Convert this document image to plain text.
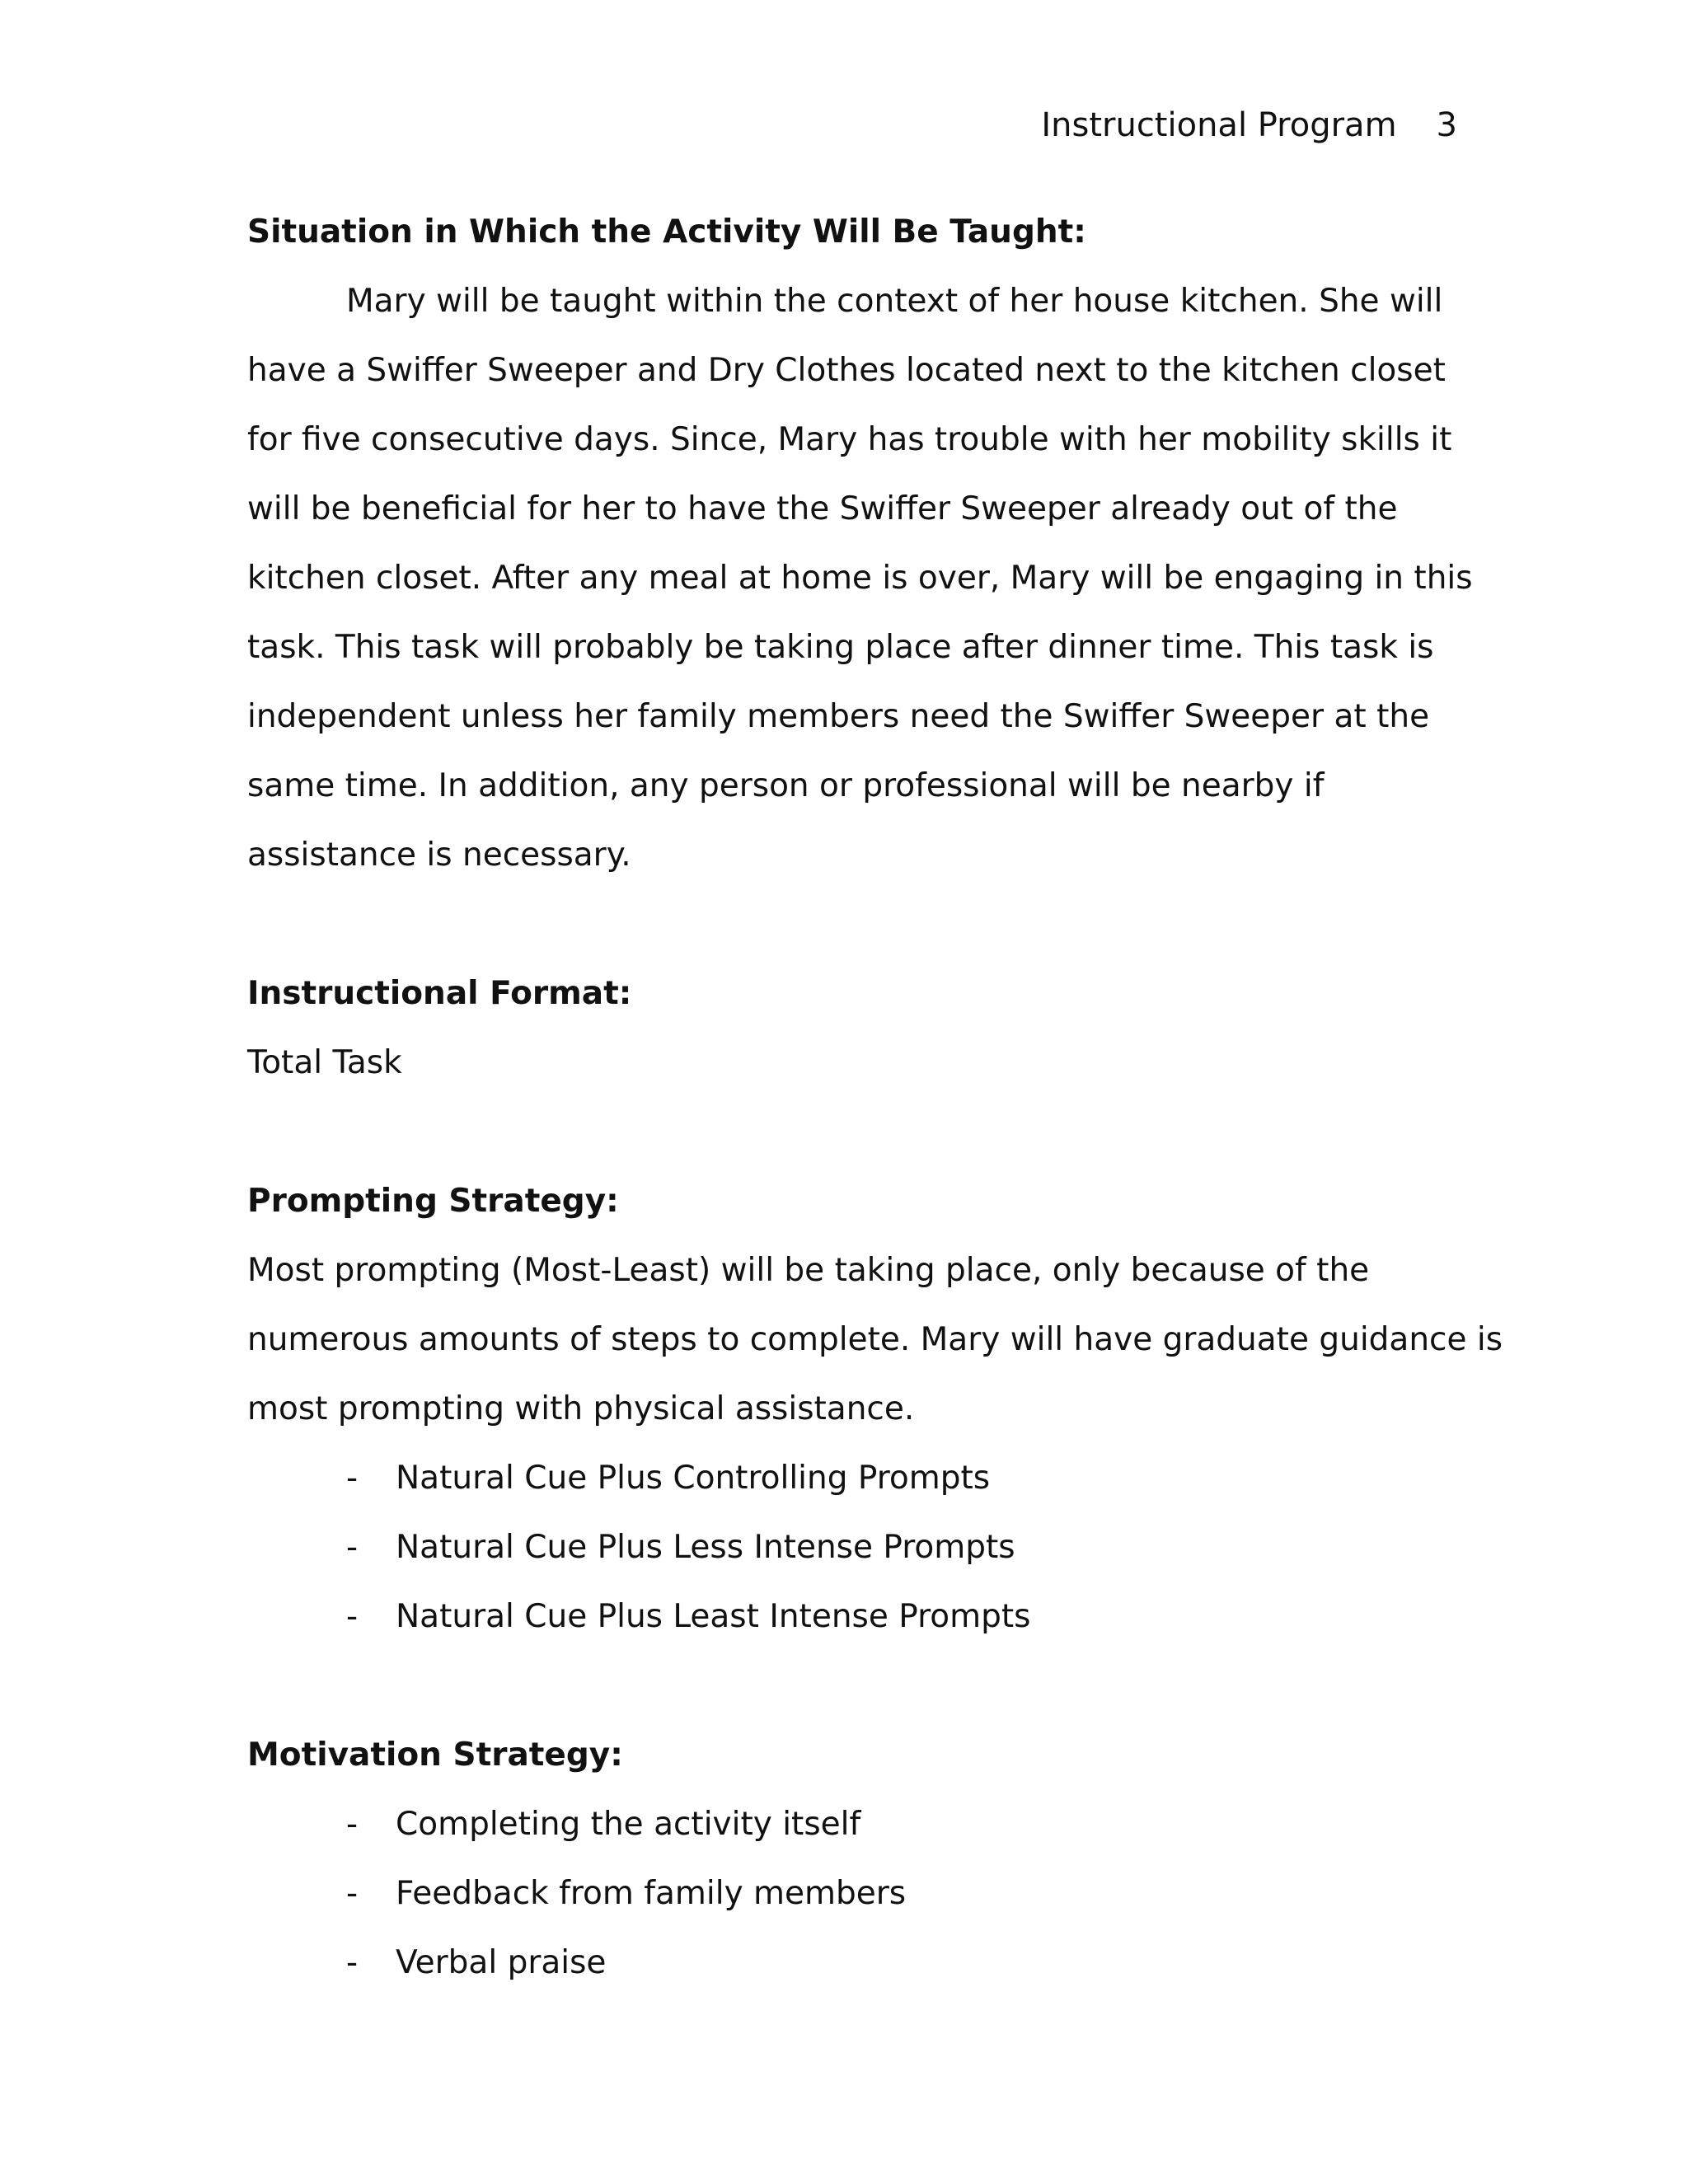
Instructional Program 3
Situation in Which the Activity Will Be Taught:
Mary will be taught within the context of her house kitchen. She will
have a Swiffer Sweeper and Dry Clothes located next to the kitchen closet
for five consecutive days. Since, Mary has trouble with her mobility skills it
will be beneficial for her to have the Swiffer Sweeper already out of the
kitchen closet. After any meal at home is over, Mary will be engaging in this
task. This task will probably be taking place after dinner time. This task is
independent unless her family members need the Swiffer Sweeper at the
same time. In addition, any person or professional will be nearby if
assistance is necessary.
Instructional Format:
Total Task
Prompting Strategy:
Most prompting (Most-Least) will be taking place, only because of the
numerous amounts of steps to complete. Mary will have graduate guidance is
most prompting with physical assistance.
-	Natural Cue Plus Controlling Prompts
-	Natural Cue Plus Less Intense Prompts
-	Natural Cue Plus Least Intense Prompts
Motivation Strategy:
-	Completing the activity itself
-	Feedback from family members
-	Verbal praise
